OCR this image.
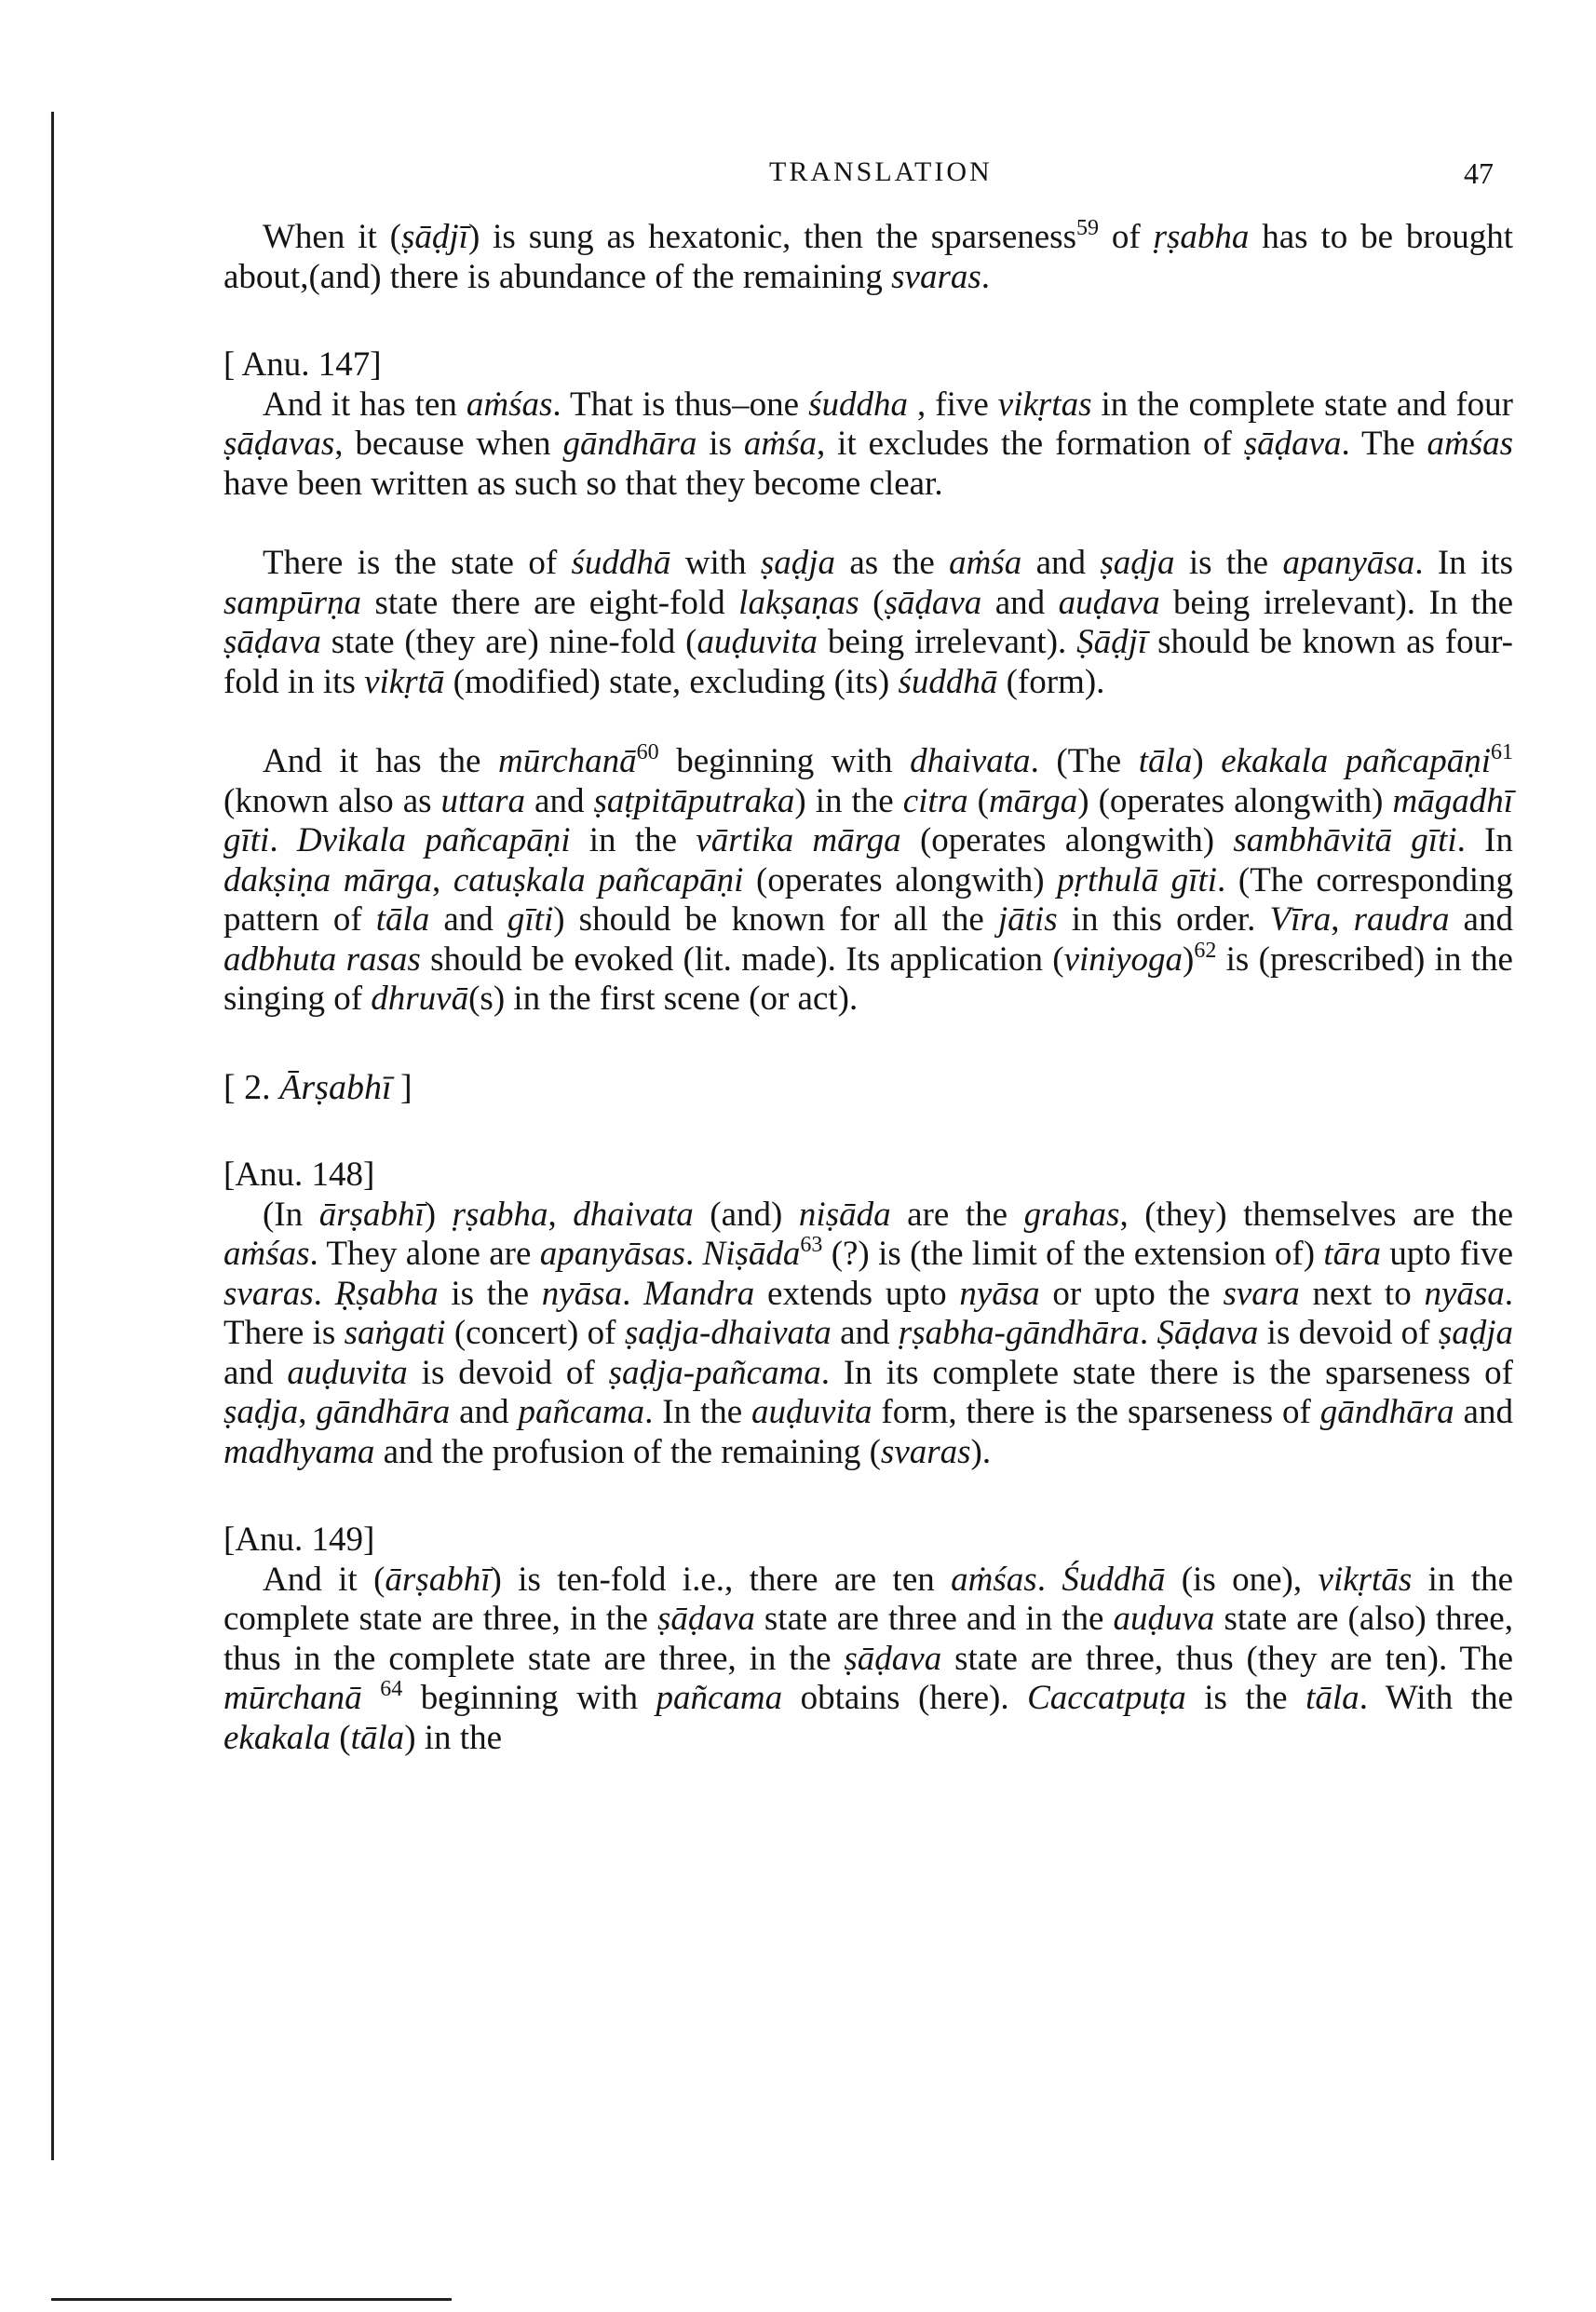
TRANSLATION	47

When it (ṣāḍjī) is sung as hexatonic, then the sparseness$^{59}$ of ṛṣabha has to be brought about,(and) there is abundance of the remaining svaras.

[ Anu. 147]

And it has ten aṁśas. That is thus–one śuddha , five vikṛtas in the complete state and four ṣāḍavas, because when gāndhāra is aṁśa, it excludes the formation of ṣāḍava. The aṁśas have been written as such so that they become clear.

There is the state of śuddhā with ṣaḍja as the aṁśa and ṣaḍja is the apanyāsa. In its sampūrṇa state there are eight-fold lakṣaṇas (ṣāḍava and auḍava being irrelevant). In the ṣāḍava state (they are) nine-fold (auḍuvita being irrelevant). Ṣāḍjī should be known as four-fold in its vikṛtā (modified) state, excluding (its) śuddhā (form).

And it has the mūrchanā$^{60}$ beginning with dhaivata. (The tāla) ekakala pañcapāṇi$^{61}$ (known also as uttara and ṣaṭpitāputraka) in the citra (mārga) (operates alongwith) māgadhī gīti. Dvikala pañcapāṇi in the vārtika mārga (operates alongwith) sambhāvitā gīti. In dakṣiṇa mārga, catuṣkala pañcapāṇi (operates alongwith) pṛthulā gīti. (The corresponding pattern of tāla and gīti) should be known for all the jātis in this order. Vīra, raudra and adbhuta rasas should be evoked (lit. made). Its application (viniyoga)$^{62}$ is (prescribed) in the singing of dhruvā(s) in the first scene (or act).

[ 2. Ārṣabhī ]

[Anu. 148]

(In ārṣabhī) ṛṣabha, dhaivata (and) niṣāda are the grahas, (they) themselves are the aṁśas. They alone are apanyāsas. Niṣāda$^{63}$ (?) is (the limit of the extension of) tāra upto five svaras. Ṛṣabha is the nyāsa. Mandra extends upto nyāsa or upto the svara next to nyāsa. There is saṅgati (concert) of ṣaḍja-dhaivata and ṛṣabha-gāndhāra. Ṣāḍava is devoid of ṣaḍja and auḍuvita is devoid of ṣaḍja-pañcama. In its complete state there is the sparseness of ṣaḍja, gāndhāra and pañcama. In the auḍuvita form, there is the sparseness of gāndhāra and madhyama and the profusion of the remaining (svaras).

[Anu. 149]

And it (ārṣabhī) is ten-fold i.e., there are ten aṁśas. Śuddhā (is one), vikṛtās in the complete state are three, in the ṣāḍava state are three and in the auḍuva state are (also) three, thus in the complete state are three, in the ṣāḍava state are three, thus (they are ten). The mūrchanā $^{64}$ beginning with pañcama obtains (here). Caccatpuṭa is the tāla. With the ekakala (tāla) in the
